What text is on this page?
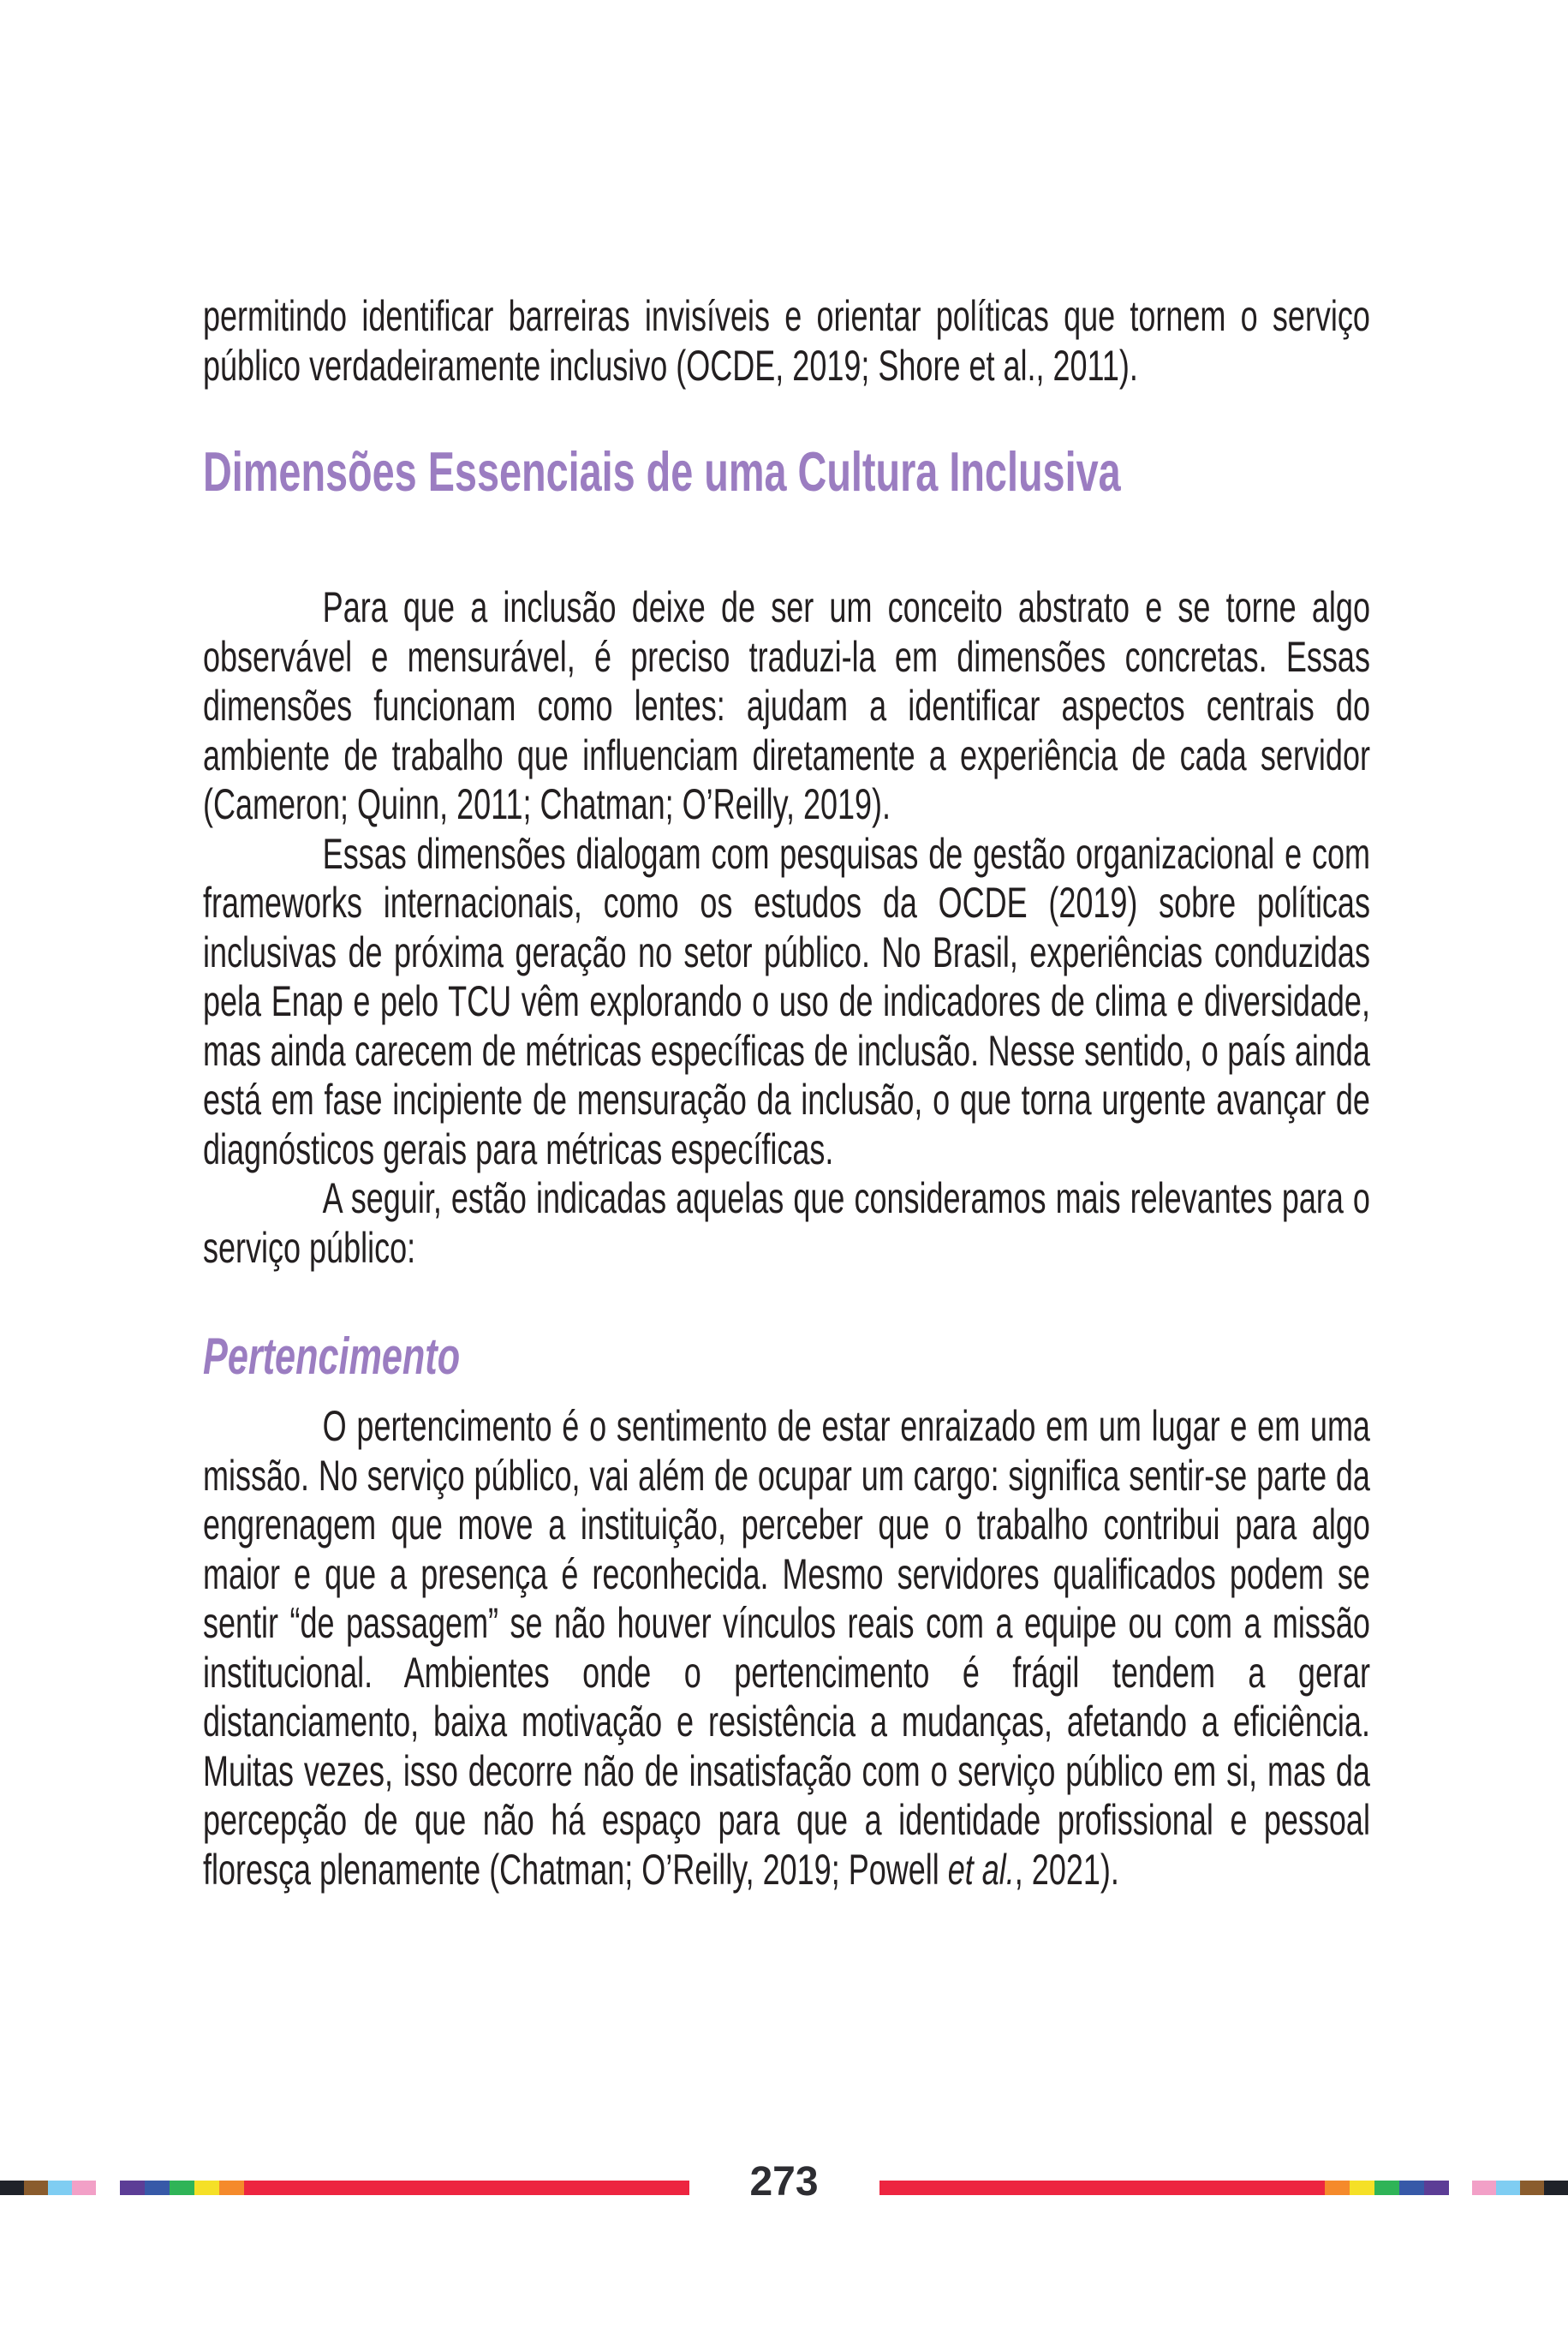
permitindo identificar barreiras invisíveis e orientar políticas que tornem o serviço público verdadeiramente inclusivo (OCDE, 2019; Shore et al., 2011).

Dimensões Essenciais de uma Cultura Inclusiva

Para que a inclusão deixe de ser um conceito abstrato e se torne algo observável e mensurável, é preciso traduzi-la em dimensões concretas. Essas dimensões funcionam como lentes: ajudam a identificar aspectos centrais do ambiente de trabalho que influenciam diretamente a experiência de cada servidor (Cameron; Quinn, 2011; Chatman; O’Reilly, 2019).

Essas dimensões dialogam com pesquisas de gestão organizacional e com frameworks internacionais, como os estudos da OCDE (2019) sobre políticas inclusivas de próxima geração no setor público. No Brasil, experiências conduzidas pela Enap e pelo TCU vêm explorando o uso de indicadores de clima e diversidade, mas ainda carecem de métricas específicas de inclusão. Nesse sentido, o país ainda está em fase incipiente de mensuração da inclusão, o que torna urgente avançar de diagnósticos gerais para métricas específicas.

A seguir, estão indicadas aquelas que consideramos mais relevantes para o serviço público:

Pertencimento

O pertencimento é o sentimento de estar enraizado em um lugar e em uma missão. No serviço público, vai além de ocupar um cargo: significa sentir-se parte da engrenagem que move a instituição, perceber que o trabalho contribui para algo maior e que a presença é reconhecida. Mesmo servidores qualificados podem se sentir “de passagem” se não houver vínculos reais com a equipe ou com a missão institucional. Ambientes onde o pertencimento é frágil tendem a gerar distanciamento, baixa motivação e resistência a mudanças, afetando a eficiência. Muitas vezes, isso decorre não de insatisfação com o serviço público em si, mas da percepção de que não há espaço para que a identidade profissional e pessoal floresça plenamente (Chatman; O’Reilly, 2019; Powell et al., 2021).

273
